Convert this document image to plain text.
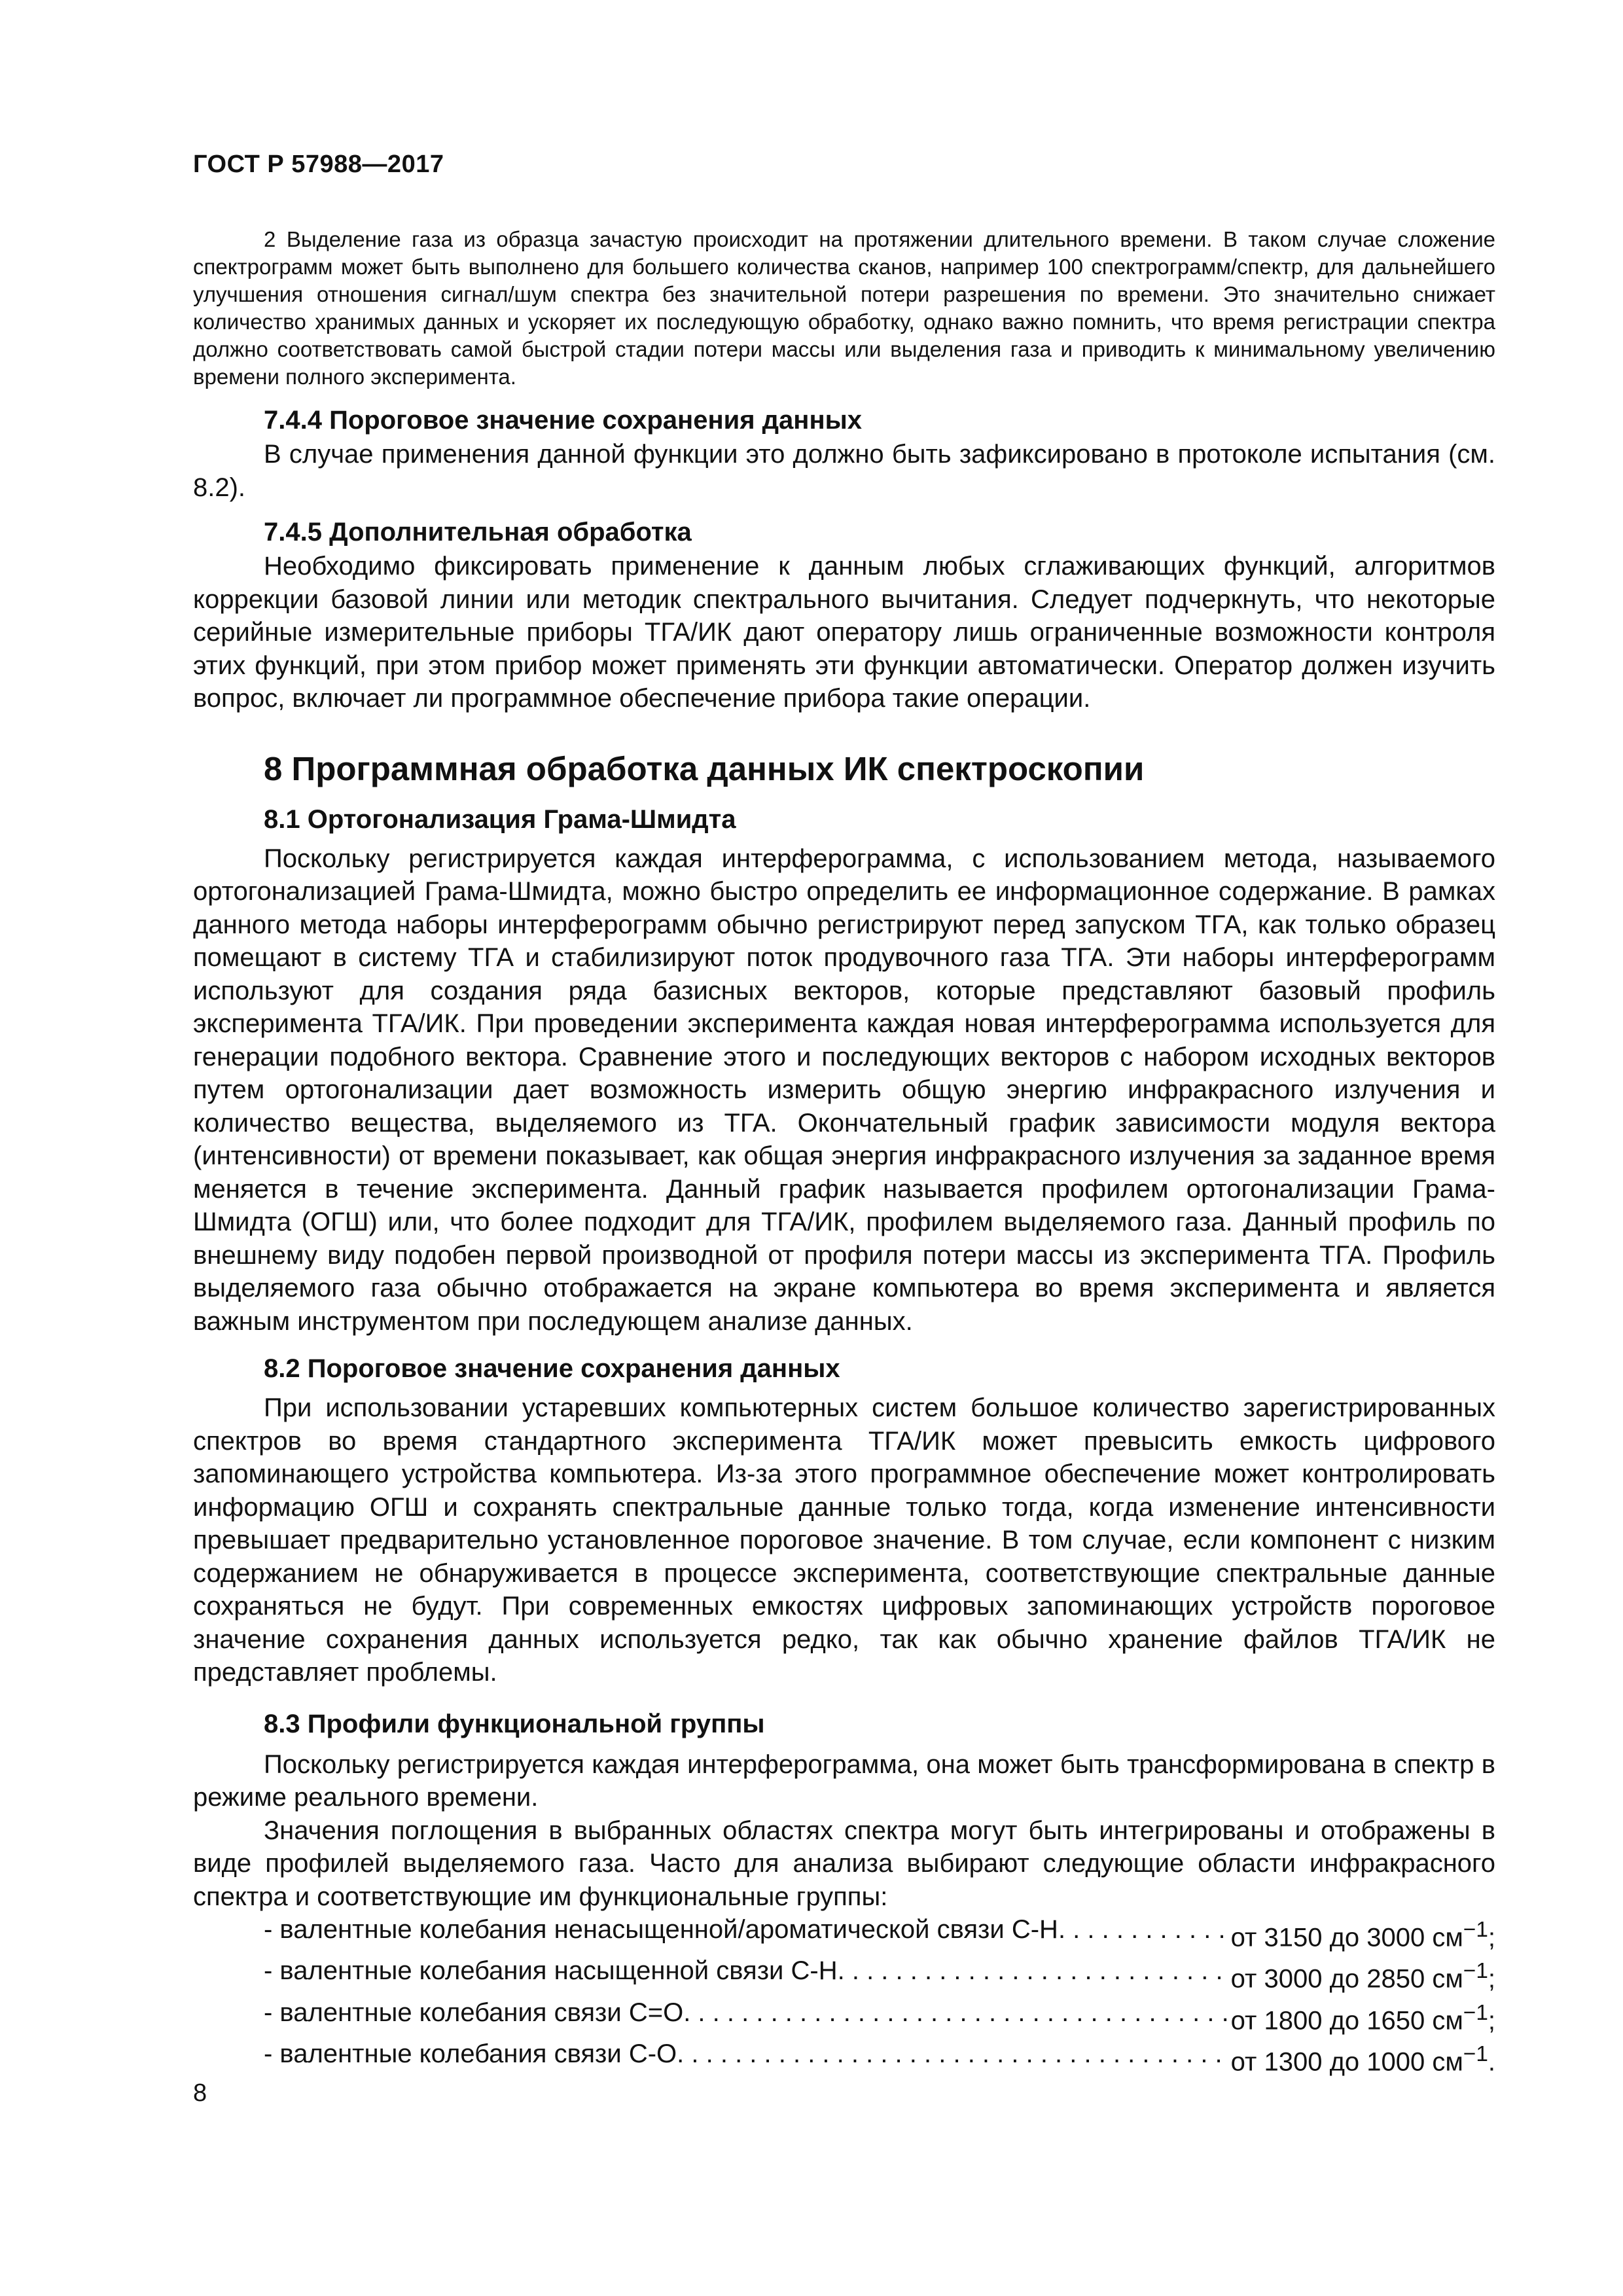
ГОСТ Р 57988—2017

2 Выделение газа из образца зачастую происходит на протяжении длительного времени. В таком случае сложение спектрограмм может быть выполнено для большего количества сканов, например 100 спектрограмм/спектр, для дальнейшего улучшения отношения сигнал/шум спектра без значительной потери разрешения по времени. Это значительно снижает количество хранимых данных и ускоряет их последующую обработку, однако важно помнить, что время регистрации спектра должно соответствовать самой быстрой стадии потери массы или выделения газа и приводить к минимальному увеличению времени полного эксперимента.

7.4.4 Пороговое значение сохранения данных

В случае применения данной функции это должно быть зафиксировано в протоколе испытания (см. 8.2).

7.4.5 Дополнительная обработка

Необходимо фиксировать применение к данным любых сглаживающих функций, алгоритмов коррекции базовой линии или методик спектрального вычитания. Следует подчеркнуть, что некоторые серийные измерительные приборы ТГА/ИК дают оператору лишь ограниченные возможности контроля этих функций, при этом прибор может применять эти функции автоматически. Оператор должен изучить вопрос, включает ли программное обеспечение прибора такие операции.

8 Программная обработка данных ИК спектроскопии
8.1 Ортогонализация Грама-Шмидта

Поскольку регистрируется каждая интерферограмма, с использованием метода, называемого ортогонализацией Грама-Шмидта, можно быстро определить ее информационное содержание. В рамках данного метода наборы интерферограмм обычно регистрируют перед запуском ТГА, как только образец помещают в систему ТГА и стабилизируют поток продувочного газа ТГА. Эти наборы интерферограмм используют для создания ряда базисных векторов, которые представляют базовый профиль эксперимента ТГА/ИК. При проведении эксперимента каждая новая интерферограмма используется для генерации подобного вектора. Сравнение этого и последующих векторов с набором исходных векторов путем ортогонализации дает возможность измерить общую энергию инфракрасного излучения и количество вещества, выделяемого из ТГА. Окончательный график зависимости модуля вектора (интенсивности) от времени показывает, как общая энергия инфракрасного излучения за заданное время меняется в течение эксперимента. Данный график называется профилем ортогонализации Грама-Шмидта (ОГШ) или, что более подходит для ТГА/ИК, профилем выделяемого газа. Данный профиль по внешнему виду подобен первой производной от профиля потери массы из эксперимента ТГА. Профиль выделяемого газа обычно отображается на экране компьютера во время эксперимента и является важным инструментом при последующем анализе данных.

8.2 Пороговое значение сохранения данных

При использовании устаревших компьютерных систем большое количество зарегистрированных спектров во время стандартного эксперимента ТГА/ИК может превысить емкость цифрового запоминающего устройства компьютера. Из-за этого программное обеспечение может контролировать информацию ОГШ и сохранять спектральные данные только тогда, когда изменение интенсивности превышает предварительно установленное пороговое значение. В том случае, если компонент с низким содержанием не обнаруживается в процессе эксперимента, соответствующие спектральные данные сохраняться не будут. При современных емкостях цифровых запоминающих устройств пороговое значение сохранения данных используется редко, так как обычно хранение файлов ТГА/ИК не представляет проблемы.

8.3 Профили функциональной группы

Поскольку регистрируется каждая интерферограмма, она может быть трансформирована в спектр в режиме реального времени.

Значения поглощения в выбранных областях спектра могут быть интегрированы и отображены в виде профилей выделяемого газа. Часто для анализа выбирают следующие области инфракрасного спектра и соответствующие им функциональные группы:

- валентные колебания ненасыщенной/ароматической связи С-Н . . .	от 3150 до 3000 $см^{-1}$;
- валентные колебания насыщенной связи С-Н . . .	от 3000 до 2850 $см^{-1}$;
- валентные колебания связи С=О . . .	от 1800 до 1650 $см^{-1}$;
- валентные колебания связи С-О . . .	от 1300 до 1000 $см^{-1}$.
8
